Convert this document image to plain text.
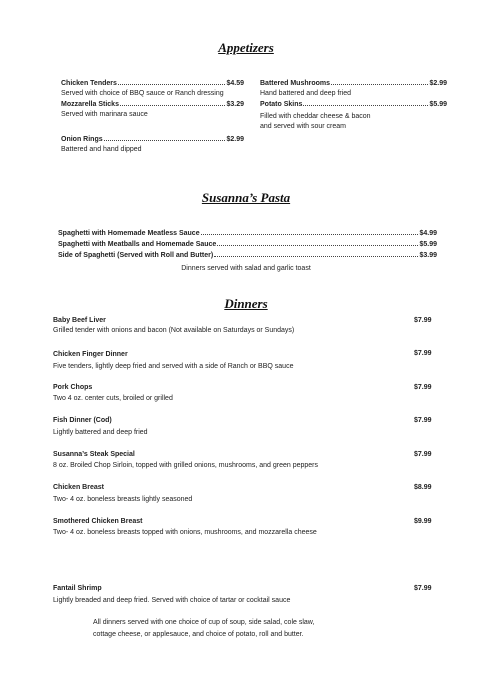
Appetizers
Chicken Tenders	$4.59
Served with choice of BBQ sauce or Ranch dressing
Mozzarella Sticks	$3.29
Served with marinara sauce
Onion Rings	$2.99
Battered and hand dipped
Battered Mushrooms	$2.99
Hand battered and deep fried
Potato Skins	$5.99
Filled with cheddar cheese & bacon
and served with sour cream
Susanna’s Pasta
Spaghetti with Homemade Meatless Sauce	$4.99
Spaghetti with Meatballs and Homemade Sauce	$5.99
Side of Spaghetti (Served with Roll and Butter)	$3.99
Dinners served with salad and garlic toast
Dinners
Baby Beef Liver	$7.99
Grilled tender with onions and bacon (Not available on Saturdays or Sundays)
Chicken Finger Dinner	$7.99
Five tenders, lightly deep fried and served with a side of Ranch or BBQ sauce
Pork Chops	$7.99
Two 4 oz. center cuts, broiled or grilled
Fish Dinner (Cod)	$7.99
Lightly battered and deep fried
Susanna’s Steak Special	$7.99
8 oz. Broiled Chop Sirloin, topped with grilled onions, mushrooms, and green peppers
Chicken Breast	$8.99
Two- 4 oz. boneless breasts lightly seasoned
Smothered Chicken Breast	$9.99
Two- 4 oz. boneless breasts topped with onions, mushrooms, and mozzarella cheese
Fantail Shrimp	$7.99
Lightly breaded and deep fried. Served with choice of tartar or cocktail sauce
All dinners served with one choice of cup of soup, side salad, cole slaw,
cottage cheese, or applesauce, and choice of potato, roll and butter.
